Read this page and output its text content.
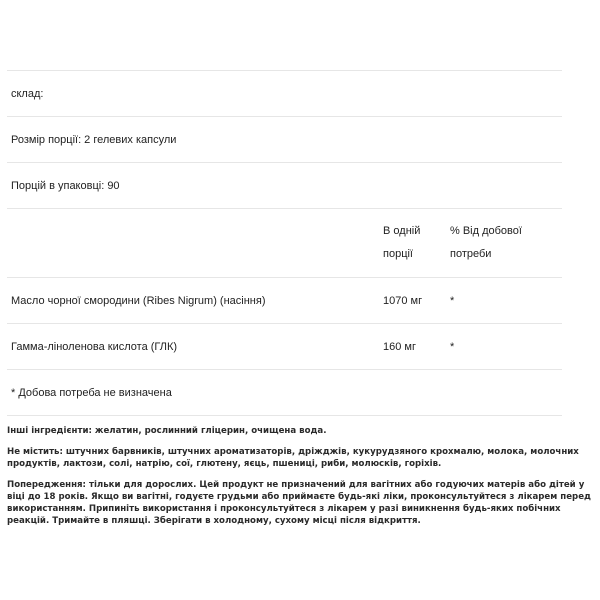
склад:
Розмір порції: 2 гелевих капсули
Порцій в упаковці: 90
В одній
порції
% Від добової
потреби
Масло чорної смородини (Ribes Nigrum) (насіння)	1070 мг	*
Гамма-ліноленова кислота (ГЛК)	160 мг	*
* Добова потреба не визначена

Інші інгредієнти: желатин, рослинний гліцерин, очищена вода.

Не містить: штучних барвників, штучних ароматизаторів, дріжджів, кукурудзяного крохмалю, молока, молочних продуктів, лактози, солі, натрію, сої, глютену, яєць, пшениці, риби, молюсків, горіхів.

Попередження: тільки для дорослих. Цей продукт не призначений для вагітних або годуючих матерів або дітей у віці до 18 років. Якщо ви вагітні, годуєте грудьми або приймаєте будь-які ліки, проконсультуйтеся з лікарем перед використанням. Припиніть використання і проконсультуйтеся з лікарем у разі виникнення будь-яких побічних реакцій. Тримайте в пляшці. Зберігати в холодному, сухому місці після відкриття.
